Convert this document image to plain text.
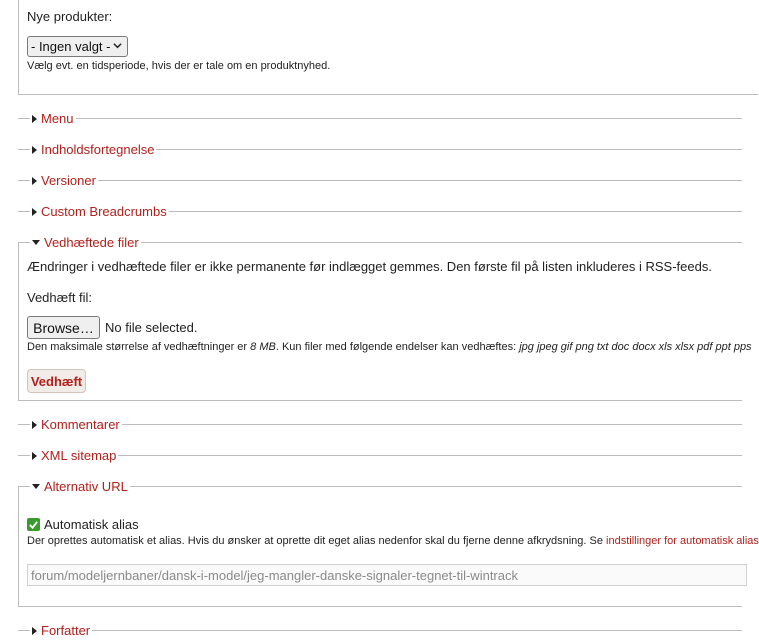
Nye produkter:
- Ingen valgt -
Vælg evt. en tidsperiode, hvis der er tale om en produktnyhed.
Menu
Indholdsfortegnelse
Versioner
Custom Breadcrumbs
Vedhæftede filer
Ændringer i vedhæftede filer er ikke permanente før indlægget gemmes. Den første fil på listen inkluderes i RSS-feeds.
Vedhæft fil:
Browse… No file selected.
Den maksimale størrelse af vedhæftninger er 8 MB. Kun filer med følgende endelser kan vedhæftes: jpg jpeg gif png txt doc docx xls xlsx pdf ppt pps
Vedhæft
Kommentarer
XML sitemap
Alternativ URL
Automatisk alias
Der oprettes automatisk et alias. Hvis du ønsker at oprette dit eget alias nedenfor skal du fjerne denne afkrydsning. Se indstillinger for automatisk alias
forum/modeljernbaner/dansk-i-model/jeg-mangler-danske-signaler-tegnet-til-wintrack
Forfatter
